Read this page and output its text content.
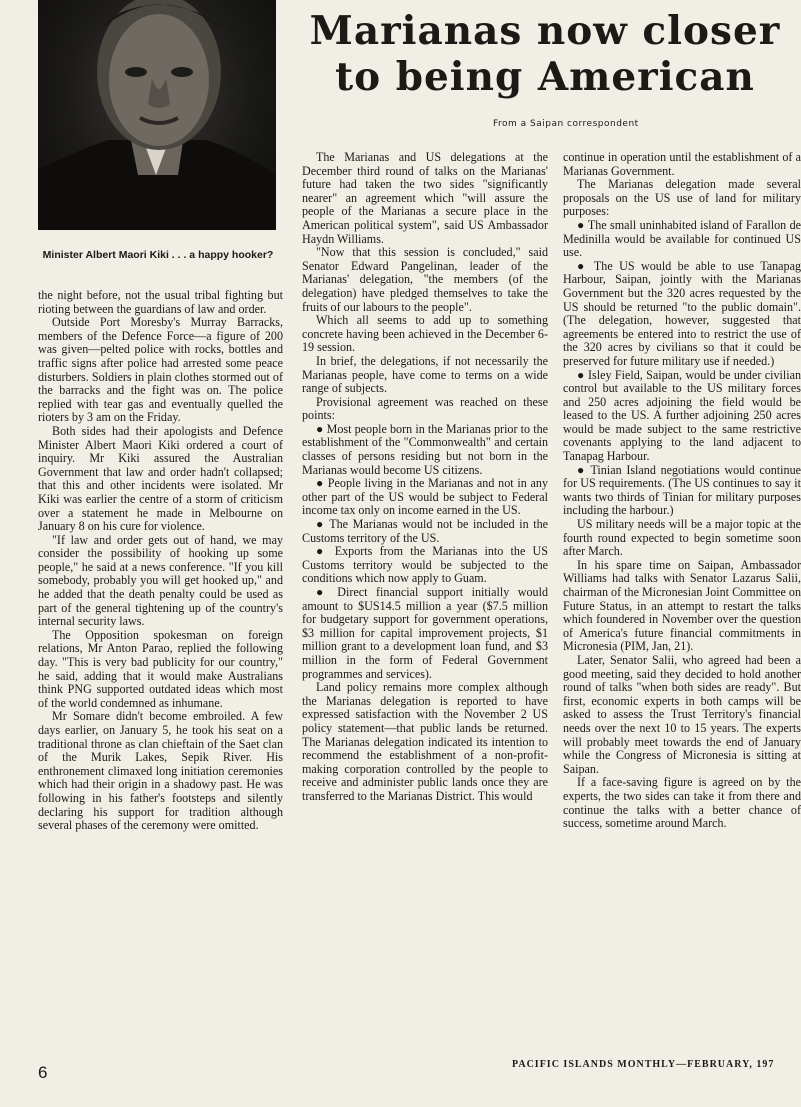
Minister Albert Maori Kiki . . . a happy hooker?
Marianas now closer
to being American
From a Saipan correspondent

the night before, not the usual tribal fighting but rioting between the guardians of law and order.

Outside Port Moresby's Murray Barracks, members of the Defence Force—a figure of 200 was given—pelted police with rocks, bottles and traffic signs after police had arrested some peace disturbers. Soldiers in plain clothes stormed out of the barracks and the fight was on. The police replied with tear gas and eventually quelled the rioters by 3 am on the Friday.

Both sides had their apologists and Defence Minister Albert Maori Kiki ordered a court of inquiry. Mr Kiki assured the Australian Government that law and order hadn't collapsed; that this and other incidents were isolated. Mr Kiki was earlier the centre of a storm of criticism over a statement he made in Melbourne on January 8 on his cure for violence.

"If law and order gets out of hand, we may consider the possibility of hooking up some people," he said at a news conference. "If you kill somebody, probably you will get hooked up," and he added that the death penalty could be used as part of the general tightening up of the country's internal security laws.

The Opposition spokesman on foreign relations, Mr Anton Parao, replied the following day. "This is very bad publicity for our country," he said, adding that it would make Australians think PNG supported outdated ideas which most of the world condemned as inhumane.

Mr Somare didn't become embroiled. A few days earlier, on January 5, he took his seat on a traditional throne as clan chieftain of the Saet clan of the Murik Lakes, Sepik River. His enthronement climaxed long initiation ceremonies which had their origin in a shadowy past. He was following in his father's footsteps and silently declaring his support for tradition although several phases of the ceremony were omitted.

The Marianas and US delegations at the December third round of talks on the Marianas' future had taken the two sides "significantly nearer" an agreement which "will assure the people of the Marianas a secure place in the American political system", said US Ambassador Haydn Williams.

"Now that this session is concluded," said Senator Edward Pangelinan, leader of the Marianas' delegation, "the members (of the delegation) have pledged themselves to take the fruits of our labours to the people".

Which all seems to add up to something concrete having been achieved in the December 6-19 session.

In brief, the delegations, if not necessarily the Marianas people, have come to terms on a wide range of subjects.

Provisional agreement was reached on these points:

● Most people born in the Marianas prior to the establishment of the "Commonwealth" and certain classes of persons residing but not born in the Marianas would become US citizens.

● People living in the Marianas and not in any other part of the US would be subject to Federal income tax only on income earned in the US.

● The Marianas would not be included in the Customs territory of the US.

● Exports from the Marianas into the US Customs territory would be subjected to the conditions which now apply to Guam.

● Direct financial support initially would amount to $US14.5 million a year ($7.5 million for budgetary support for government operations, $3 million for capital improvement projects, $1 million grant to a development loan fund, and $3 million in the form of Federal Government programmes and services).

Land policy remains more complex although the Marianas delegation is reported to have expressed satisfaction with the November 2 US policy statement—that public lands be returned. The Marianas delegation indicated its intention to recommend the establishment of a non-profit-making corporation controlled by the people to receive and administer public lands once they are transferred to the Marianas District. This would

continue in operation until the establishment of a Marianas Government.

The Marianas delegation made several proposals on the US use of land for military purposes:

● The small uninhabited island of Farallon de Medinilla would be available for continued US use.

● The US would be able to use Tanapag Harbour, Saipan, jointly with the Marianas Government but the 320 acres requested by the US should be returned "to the public domain". (The delegation, however, suggested that agreements be entered into to restrict the use of the 320 acres by civilians so that it could be preserved for future military use if needed.)

● Isley Field, Saipan, would be under civilian control but available to the US military forces and 250 acres adjoining the field would be leased to the US. A further adjoining 250 acres would be made subject to the same restrictive covenants applying to the land adjacent to Tanapag Harbour.

● Tinian Island negotiations would continue for US requirements. (The US continues to say it wants two thirds of Tinian for military purposes including the harbour.)

US military needs will be a major topic at the fourth round expected to begin sometime soon after March.

In his spare time on Saipan, Ambassador Williams had talks with Senator Lazarus Salii, chairman of the Micronesian Joint Committee on Future Status, in an attempt to restart the talks which foundered in November over the question of America's future financial commitments in Micronesia (PIM, Jan, 21).

Later, Senator Salii, who agreed had been a good meeting, said they decided to hold another round of talks "when both sides are ready". But first, economic experts in both camps will be asked to assess the Trust Territory's financial needs over the next 10 to 15 years. The experts will probably meet towards the end of January while the Congress of Micronesia is sitting at Saipan.

If a face-saving figure is agreed on by the experts, the two sides can take it from there and continue the talks with a better chance of success, sometime around March.

6	PACIFIC ISLANDS MONTHLY—FEBRUARY, 197
